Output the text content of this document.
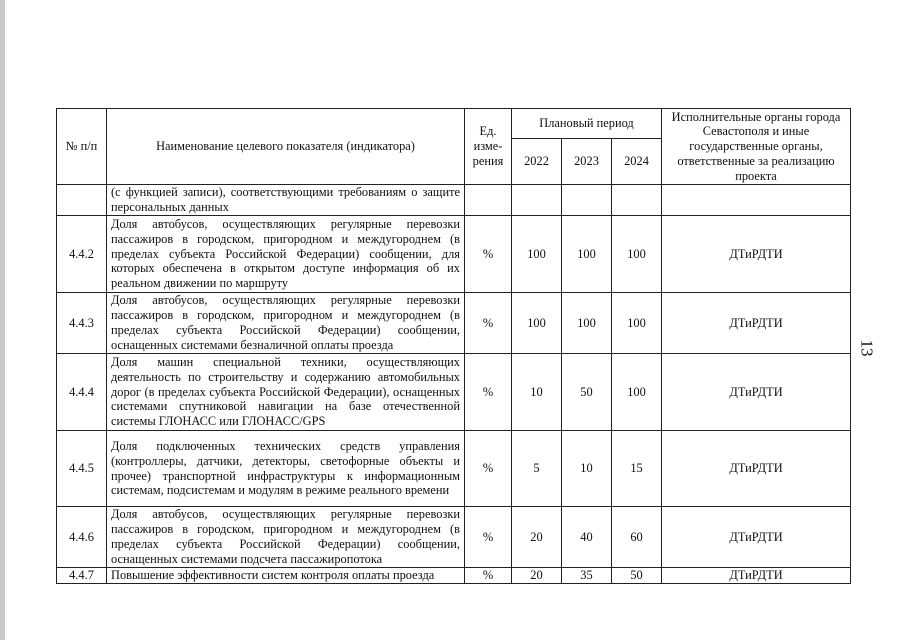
№ п/п	Наименование целевого показателя (индикатора)	Ед. изме-рения	Плановый период			Исполнительные органы города Севастополя и иные государственные органы, ответственные за реализацию проекта
			2022	2023	2024	
	(с функцией записи), соответствующими требованиям о защите персональных данных					
4.4.2	Доля автобусов, осуществляющих регулярные перевозки пассажиров в городском, пригородном и междугороднем (в пределах субъекта Российской Федерации) сообщении, для которых обеспечена в открытом доступе информация об их реальном движении по маршруту	%	100	100	100	ДТиРДТИ
4.4.3	Доля автобусов, осуществляющих регулярные перевозки пассажиров в городском, пригородном и междугороднем (в пределах субъекта Российской Федерации) сообщении, оснащенных системами безналичной оплаты проезда	%	100	100	100	ДТиРДТИ
4.4.4	Доля машин специальной техники, осуществляющих деятельность по строительству и содержанию автомобильных дорог (в пределах субъекта Российской Федерации), оснащенных системами спутниковой навигации на базе отечественной системы ГЛОНАСС или ГЛОНАСС/GPS	%	10	50	100	ДТиРДТИ
4.4.5	Доля подключенных технических средств управления (контроллеры, датчики, детекторы, светофорные объекты и прочее) транспортной инфраструктуры к информационным системам, подсистемам и модулям в режиме реального времени	%	5	10	15	ДТиРДТИ
4.4.6	Доля автобусов, осуществляющих регулярные перевозки пассажиров в городском, пригородном и междугороднем (в пределах субъекта Российской Федерации) сообщении, оснащенных системами подсчета пассажиропотока	%	20	40	60	ДТиРДТИ
4.4.7	Повышение эффективности систем контроля оплаты проезда	%	20	35	50	ДТиРДТИ
13
